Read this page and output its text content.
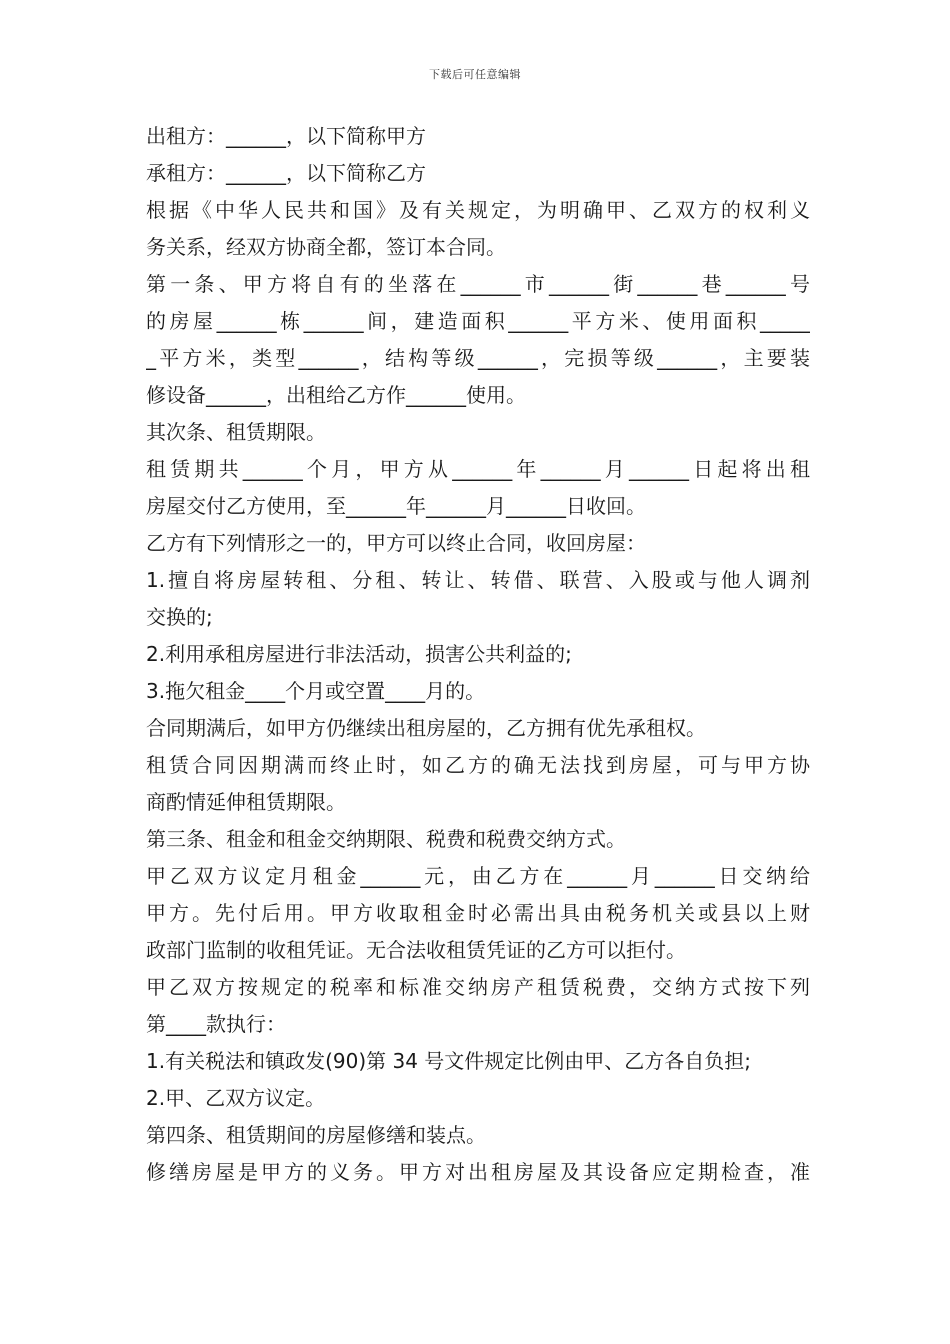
下载后可任意编辑
出租方：______，以下简称甲方
承租方：______，以下简称乙方
根据《中华人民共和国》及有关规定，为明确甲、乙双方的权利义
务关系，经双方协商全都，签订本合同。
第一条、甲方将自有的坐落在______市______街______巷______号
的房屋______栋______间，建造面积______平方米、使用面积_____
_平方米，类型______，结构等级______，完损等级______，主要装
修设备______，出租给乙方作______使用。
其次条、租赁期限。
租赁期共______个月，甲方从______年______月______日起将出租
房屋交付乙方使用，至______年______月______日收回。
乙方有下列情形之一的，甲方可以终止合同，收回房屋：
1.擅自将房屋转租、分租、转让、转借、联营、入股或与他人调剂
交换的;
2.利用承租房屋进行非法活动，损害公共利益的;
3.拖欠租金____个月或空置____月的。
合同期满后，如甲方仍继续出租房屋的，乙方拥有优先承租权。
租赁合同因期满而终止时，如乙方的确无法找到房屋，可与甲方协
商酌情延伸租赁期限。
第三条、租金和租金交纳期限、税费和税费交纳方式。
甲乙双方议定月租金______元，由乙方在______月______日交纳给
甲方。先付后用。甲方收取租金时必需出具由税务机关或县以上财
政部门监制的收租凭证。无合法收租赁凭证的乙方可以拒付。
甲乙双方按规定的税率和标准交纳房产租赁税费，交纳方式按下列
第____款执行：
1.有关税法和镇政发(90)第 34 号文件规定比例由甲、乙方各自负担;
2.甲、乙双方议定。
第四条、租赁期间的房屋修缮和装点。
修缮房屋是甲方的义务。甲方对出租房屋及其设备应定期检查，准
